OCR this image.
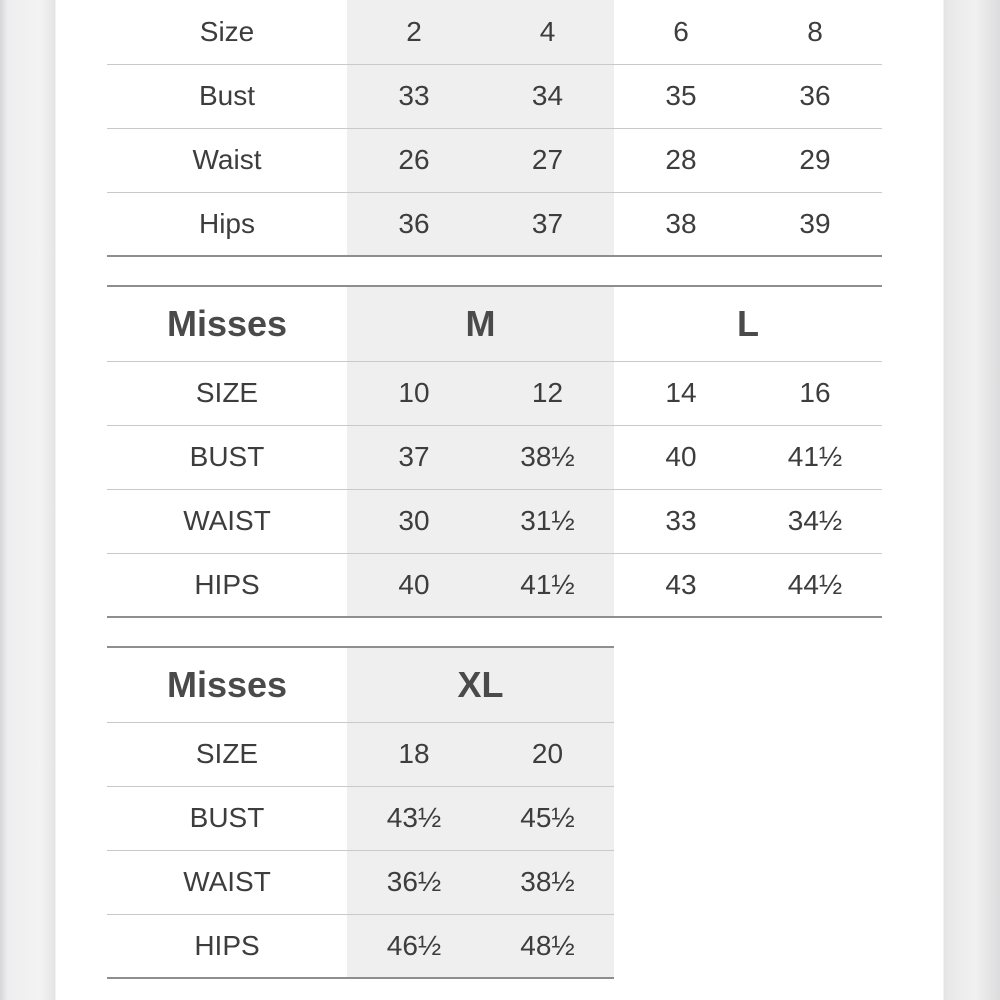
Size	2	4	6	8
Bust	33	34	35	36
Waist	26	27	28	29
Hips	36	37	38	39
Misses	M		L	
SIZE	10	12	14	16
BUST	37	38½	40	41½
WAIST	30	31½	33	34½
HIPS	40	41½	43	44½
Misses	XL	
SIZE	18	20
BUST	43½	45½
WAIST	36½	38½
HIPS	46½	48½
